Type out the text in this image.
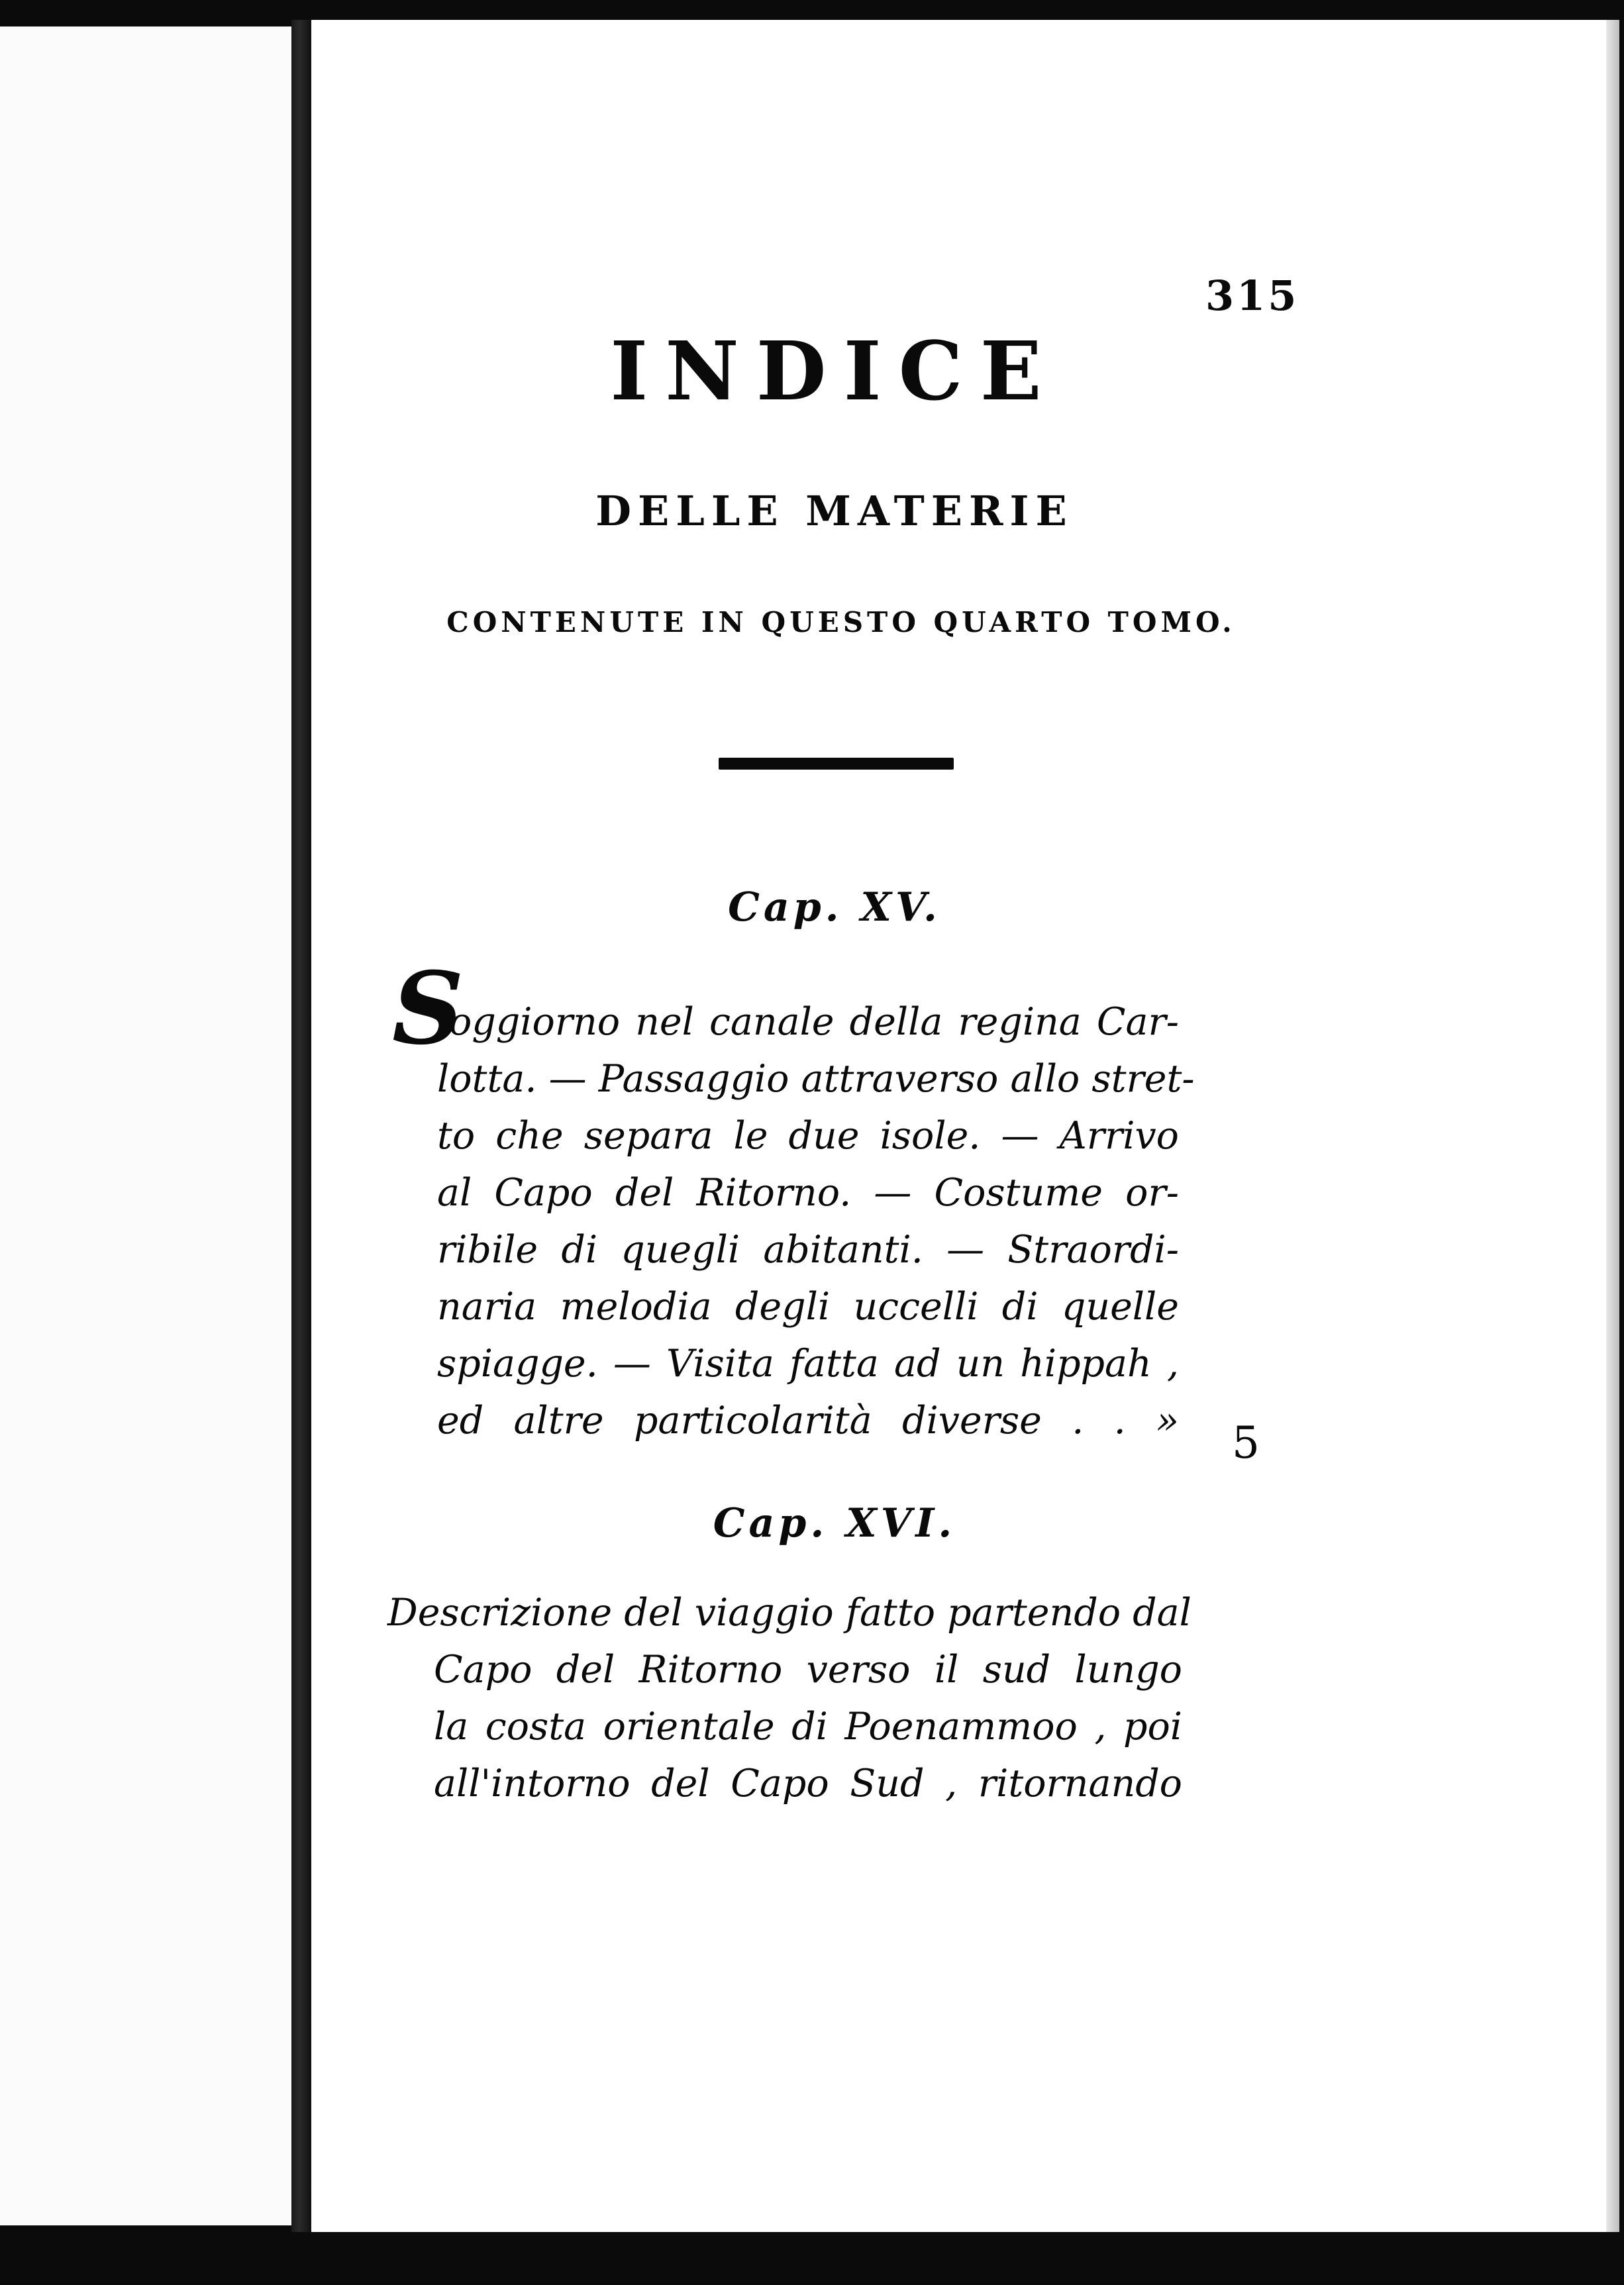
315
INDICE
DELLE MATERIE
CONTENUTE IN QUESTO QUARTO TOMO.
Cap. XV.
S
oggiorno nel canale della regina Car-
lotta. — Passaggio attraverso allo stret-
to che separa le due isole. — Arrivo
al Capo del Ritorno. — Costume or-
ribile di quegli abitanti. — Straordi-
naria melodia degli uccelli di quelle
spiagge. — Visita fatta ad un hippah ,
ed altre particolarità diverse . . » 5
Cap. XVI.
Descrizione del viaggio fatto partendo dal
Capo del Ritorno verso il sud lungo
la costa orientale di Poenammoo , poi
all'intorno del Capo Sud , ritornando
